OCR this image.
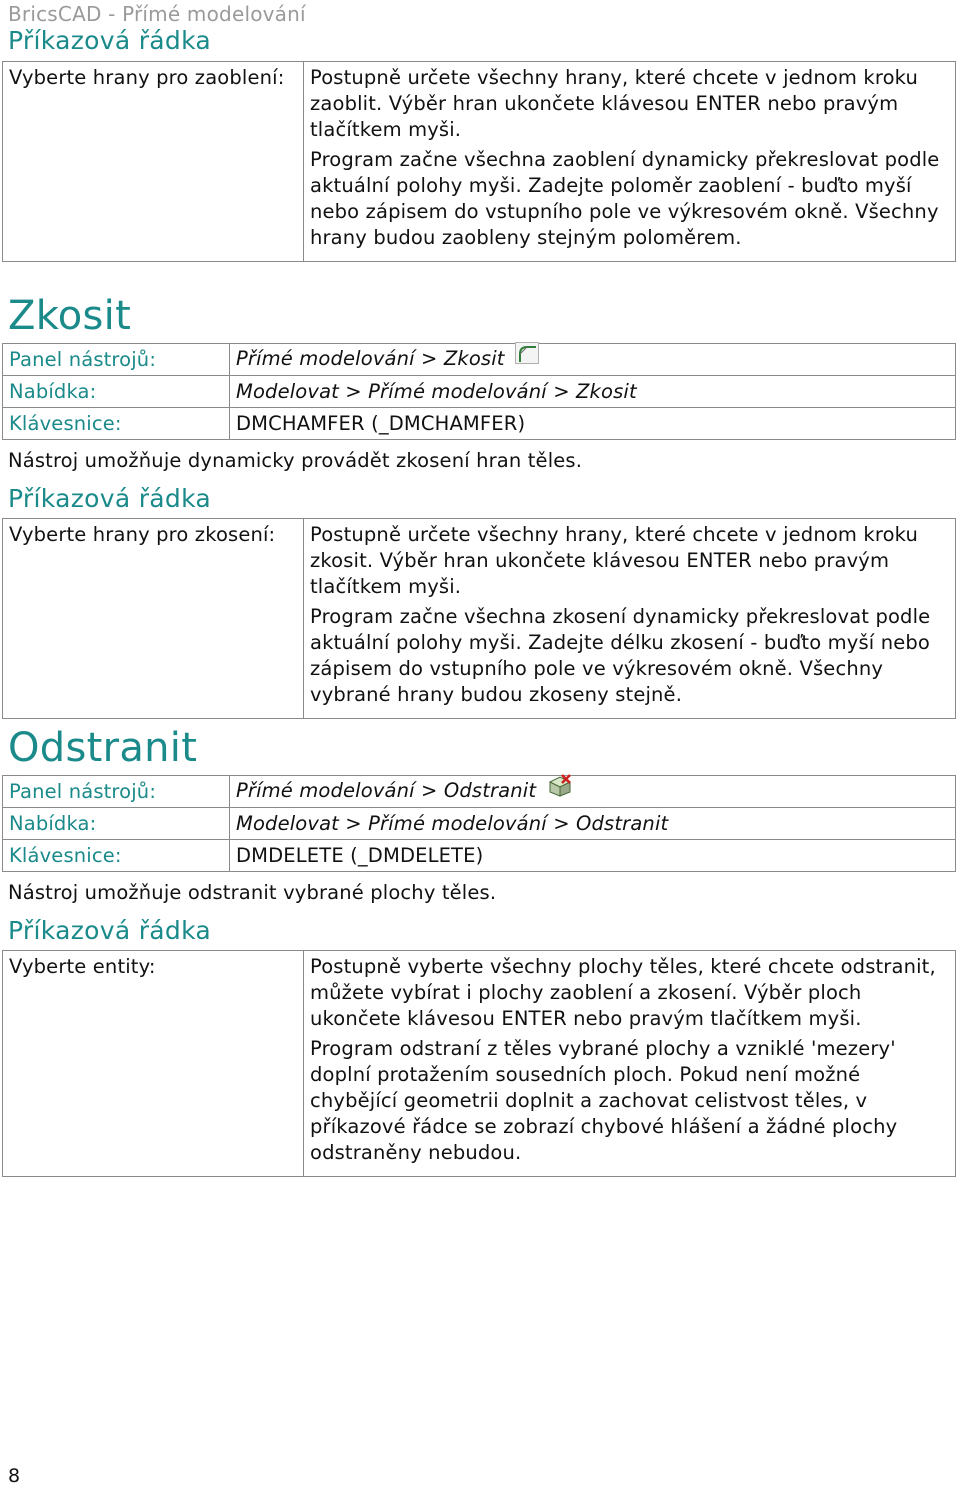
BricsCAD - Přímé modelování
Příkazová řádka
Vyberte hrany pro zaoblení:	Postupně určete všechny hrany, které chcete v jednom kroku zaoblit. Výběr hran ukončete klávesou ENTER nebo pravým tlačítkem myši.

Program začne všechna zaoblení dynamicky překreslovat podle aktuální polohy myši. Zadejte poloměr zaoblení - buďto myší nebo zápisem do vstupního pole ve výkresovém okně. Všechny hrany budou zaobleny stejným poloměrem.

Zkosit
Panel nástrojů:	Přímé modelování > Zkosit
Nabídka:	Modelovat > Přímé modelování > Zkosit
Klávesnice:	DMCHAMFER (_DMCHAMFER)
Nástroj umožňuje dynamicky provádět zkosení hran těles.
Příkazová řádka
Vyberte hrany pro zkosení:	Postupně určete všechny hrany, které chcete v jednom kroku zkosit. Výběr hran ukončete klávesou ENTER nebo pravým tlačítkem myši.

Program začne všechna zkosení dynamicky překreslovat podle aktuální polohy myši. Zadejte délku zkosení - buďto myší nebo zápisem do vstupního pole ve výkresovém okně. Všechny vybrané hrany budou zkoseny stejně.

Odstranit
Panel nástrojů:	Přímé modelování > Odstranit
Nabídka:	Modelovat > Přímé modelování > Odstranit
Klávesnice:	DMDELETE (_DMDELETE)
Nástroj umožňuje odstranit vybrané plochy těles.
Příkazová řádka
Vyberte entity:	Postupně vyberte všechny plochy těles, které chcete odstranit, můžete vybírat i plochy zaoblení a zkosení. Výběr ploch ukončete klávesou ENTER nebo pravým tlačítkem myši.

Program odstraní z těles vybrané plochy a vzniklé 'mezery' doplní protažením sousedních ploch. Pokud není možné chybějící geometrii doplnit a zachovat celistvost těles, v příkazové řádce se zobrazí chybové hlášení a žádné plochy odstraněny nebudou.

8
